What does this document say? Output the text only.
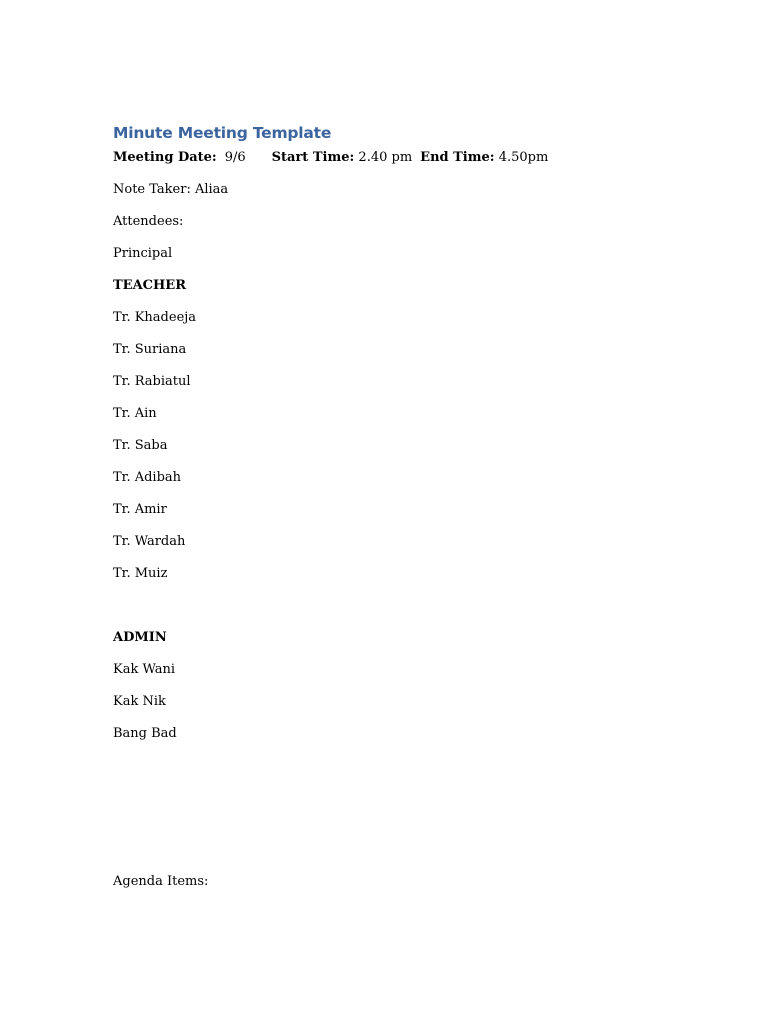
Minute Meeting Template
Meeting Date: 9/6 Start Time: 2.40 pm End Time: 4.50pm
Note Taker: Aliaa
Attendees:
Principal
TEACHER
Tr. Khadeeja
Tr. Suriana
Tr. Rabiatul
Tr. Ain
Tr. Saba
Tr. Adibah
Tr. Amir
Tr. Wardah
Tr. Muiz
ADMIN
Kak Wani
Kak Nik
Bang Bad
Agenda Items:
